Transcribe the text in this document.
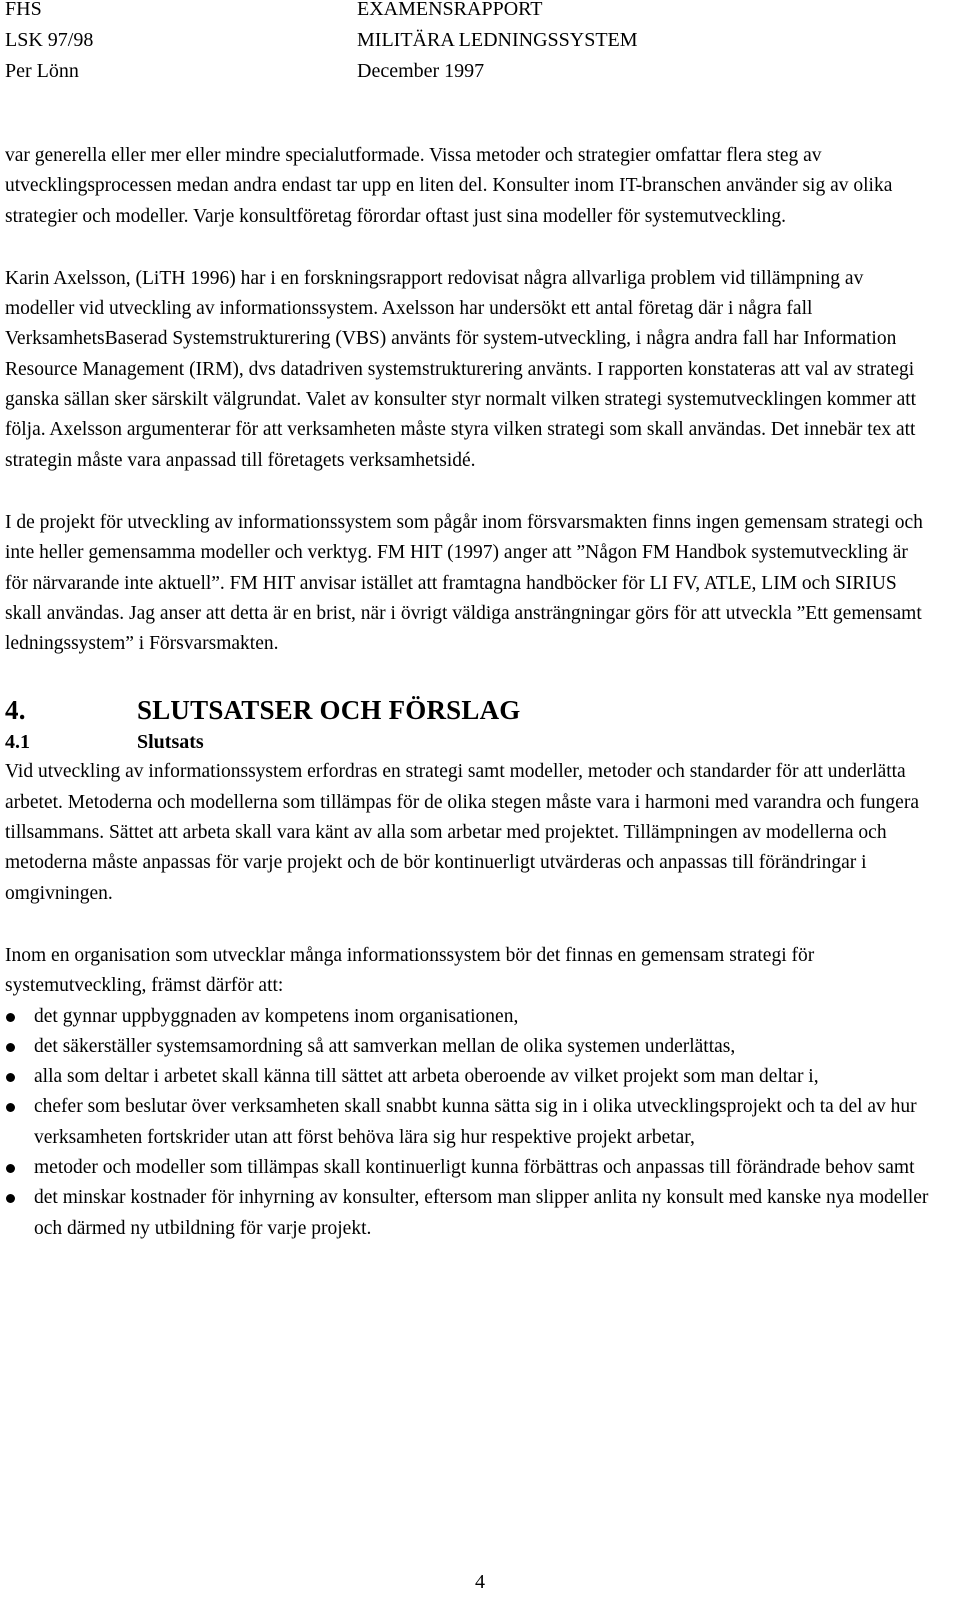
FHS
LSK 97/98
Per Lönn
EXAMENSRAPPORT
MILITÄRA LEDNINGSSYSTEM
December 1997

var generella eller mer eller mindre specialutformade. Vissa metoder och strategier omfattar flera steg av utvecklingsprocessen medan andra endast tar upp en liten del. Konsulter inom IT-branschen använder sig av olika strategier och modeller. Varje konsultföretag förordar oftast just sina modeller för systemutveckling.

Karin Axelsson, (LiTH 1996) har i en forskningsrapport redovisat några allvarliga problem vid tillämpning av modeller vid utveckling av informationssystem. Axelsson har undersökt ett antal företag där i några fall VerksamhetsBaserad Systemstrukturering (VBS) använts för system-utveckling, i några andra fall har Information Resource Management (IRM), dvs datadriven systemstrukturering använts. I rapporten konstateras att val av strategi ganska sällan sker särskilt välgrundat. Valet av konsulter styr normalt vilken strategi systemutvecklingen kommer att följa. Axelsson argumenterar för att verksamheten måste styra vilken strategi som skall användas. Det innebär tex att strategin måste vara anpassad till företagets verksamhetsidé.

I de projekt för utveckling av informationssystem som pågår inom försvarsmakten finns ingen gemensam strategi och inte heller gemensamma modeller och verktyg. FM HIT (1997) anger att ”Någon FM Handbok systemutveckling är för närvarande inte aktuell”. FM HIT anvisar istället att framtagna handböcker för LI FV, ATLE, LIM och SIRIUS skall användas. Jag anser att detta är en brist, när i övrigt väldiga ansträngningar görs för att utveckla ”Ett gemensamt ledningssystem” i Försvarsmakten.

4.	SLUTSATSER OCH FÖRSLAG
4.1	Slutsats

Vid utveckling av informationssystem erfordras en strategi samt modeller, metoder och standarder för att underlätta arbetet. Metoderna och modellerna som tillämpas för de olika stegen måste vara i harmoni med varandra och fungera tillsammans. Sättet att arbeta skall vara känt av alla som arbetar med projektet. Tillämpningen av modellerna och metoderna måste anpassas för varje projekt och de bör kontinuerligt utvärderas och anpassas till förändringar i omgivningen.

Inom en organisation som utvecklar många informationssystem bör det finnas en gemensam strategi för systemutveckling, främst därför att:

det gynnar uppbyggnaden av kompetens inom organisationen,
det säkerställer systemsamordning så att samverkan mellan de olika systemen underlättas,
alla som deltar i arbetet skall känna till sättet att arbeta oberoende av vilket projekt som man deltar i,
chefer som beslutar över verksamheten skall snabbt kunna sätta sig in i olika utvecklingsprojekt och ta del av hur verksamheten fortskrider utan att först behöva lära sig hur respektive projekt arbetar,
metoder och modeller som tillämpas skall kontinuerligt kunna förbättras och anpassas till förändrade behov samt
det minskar kostnader för inhyrning av konsulter, eftersom man slipper anlita ny konsult med kanske nya modeller och därmed ny utbildning för varje projekt.
4
